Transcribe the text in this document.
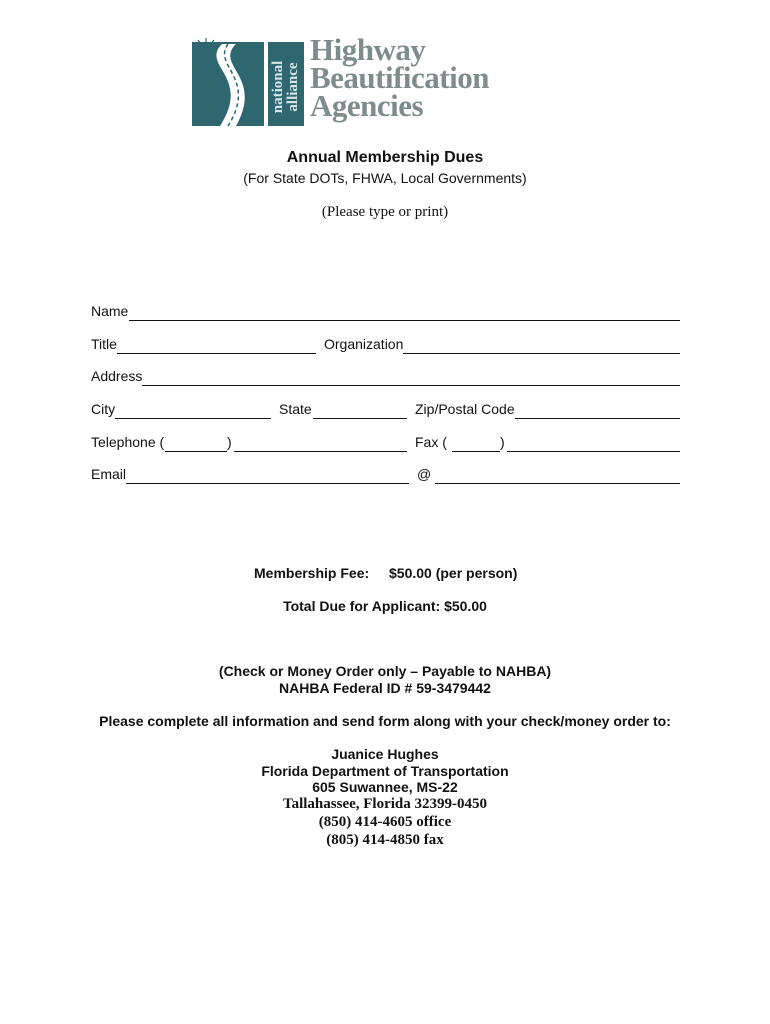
national alliance
Highway
Beautification
Agencies
Annual Membership Dues
(For State DOTs, FHWA, Local Governments)
(Please type or print)
Name
Title	Organization
Address
City	State	Zip/Postal Code
Telephone (	)	Fax (	)
Email	@
Membership Fee: $50.00 (per person)
Total Due for Applicant: $50.00
(Check or Money Order only – Payable to NAHBA)
NAHBA Federal ID # 59-3479442
Please complete all information and send form along with your check/money order to:
Juanice Hughes
Florida Department of Transportation
605 Suwannee, MS-22
Tallahassee, Florida 32399-0450
(850) 414-4605 office
(805) 414-4850 fax
